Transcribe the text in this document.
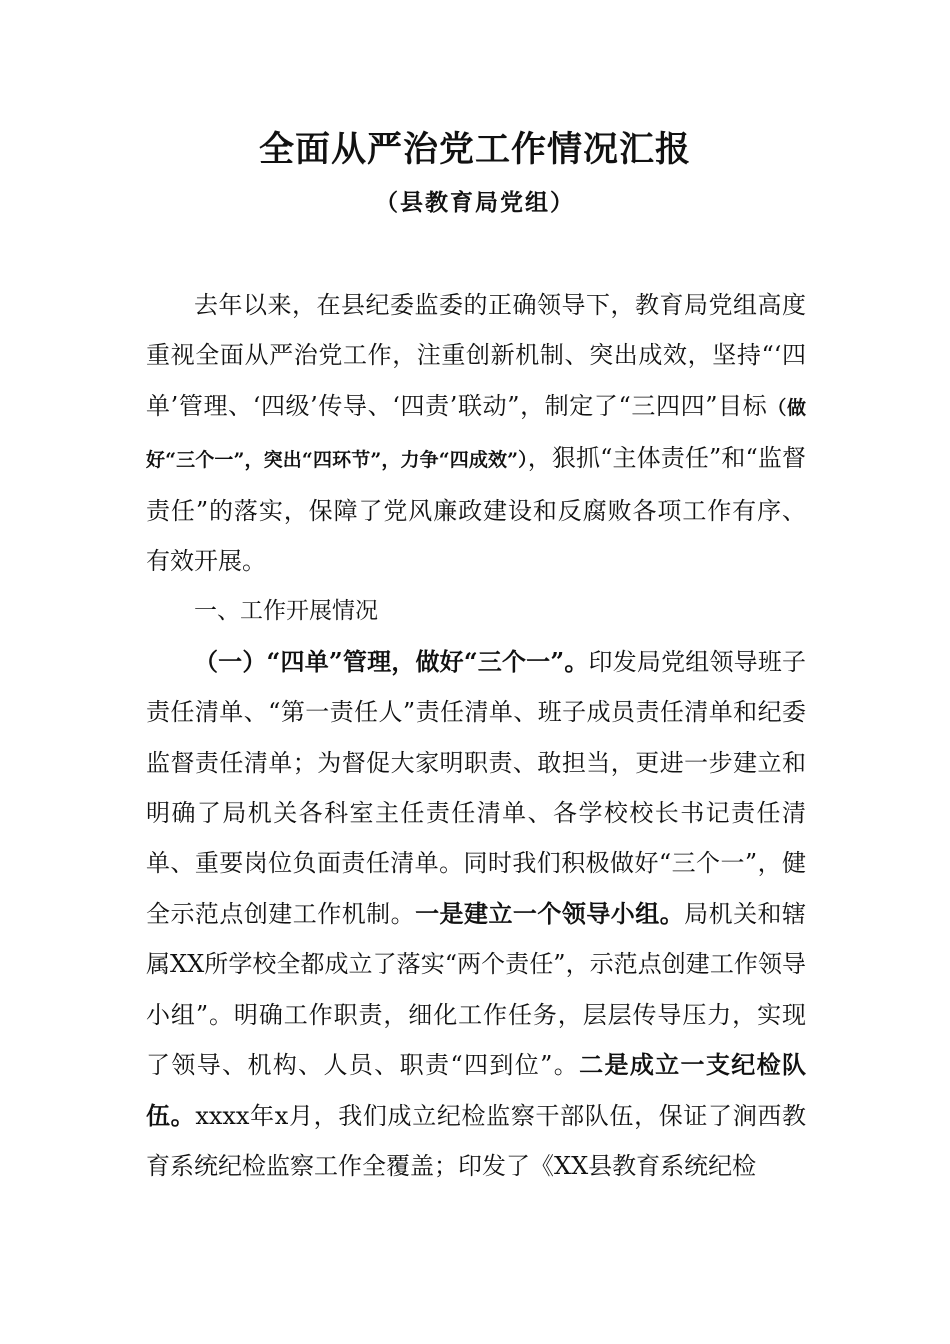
全面从严治党工作情况汇报
（县教育局党组）

去年以来，在县纪委监委的正确领导下，教育局党组高度重视全面从严治党工作，注重创新机制、突出成效，坚持“‘四单’管理、‘四级’传导、‘四责’联动”，制定了“三四四”目标（做好“三个一”，突出“四环节”，力争“四成效”），狠抓“主体责任”和“监督责任”的落实，保障了党风廉政建设和反腐败各项工作有序、有效开展。

一、工作开展情况

（一）“四单”管理，做好“三个一”。印发局党组领导班子责任清单、“第一责任人”责任清单、班子成员责任清单和纪委监督责任清单；为督促大家明职责、敢担当，更进一步建立和明确了局机关各科室主任责任清单、各学校校长书记责任清单、重要岗位负面责任清单。同时我们积极做好“三个一”，健全示范点创建工作机制。一是建立一个领导小组。局机关和辖属XX所学校全都成立了落实“两个责任”，示范点创建工作领导小组”。明确工作职责，细化工作任务，层层传导压力，实现了领导、机构、人员、职责“四到位”。二是成立一支纪检队伍。xxxx年x月，我们成立纪检监察干部队伍，保证了涧西教育系统纪检监察工作全覆盖；印发了《XX县教育系统纪检
